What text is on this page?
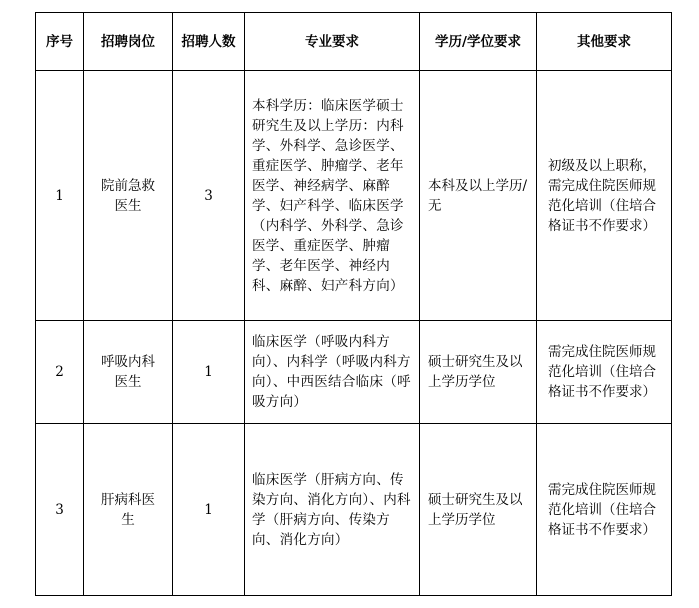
序号	招聘岗位	招聘人数	专业要求	学历/学位要求	其他要求
1	院前急救医生	3	本科学历：临床医学硕士研究生及以上学历：内科学、外科学、急诊医学、重症医学、肿瘤学、老年医学、神经病学、麻醉学、妇产科学、临床医学（内科学、外科学、急诊医学、重症医学、肿瘤学、老年医学、神经内科、麻醉、妇产科方向）	本科及以上学历/无	初级及以上职称，需完成住院医师规范化培训（住培合格证书不作要求）
2	呼吸内科医生	1	临床医学（呼吸内科方向）、内科学（呼吸内科方向）、中西医结合临床（呼吸方向）	硕士研究生及以上学历学位	需完成住院医师规范化培训（住培合格证书不作要求）
3	肝病科医生	1	临床医学（肝病方向、传染方向、消化方向）、内科学（肝病方向、传染方向、消化方向）	硕士研究生及以上学历学位	需完成住院医师规范化培训（住培合格证书不作要求）
